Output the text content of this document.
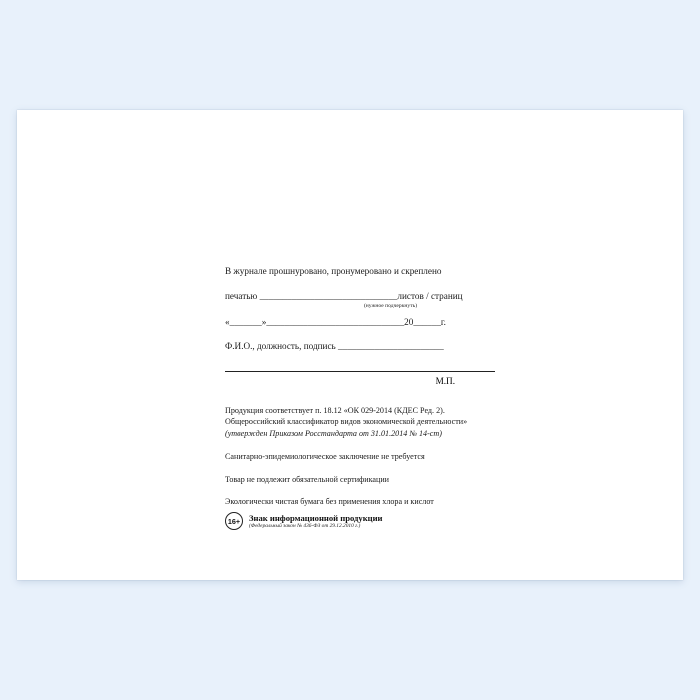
В журнале прошнуровано, пронумеровано и скреплено
печатью ______________________________листов / страниц
(нужное подчеркнуть)
«_______»______________________________20______г.
Ф.И.О., должность, подпись _______________________
М.П.
Продукция соответствует п. 18.12 «ОК 029-2014 (КДЕС Ред. 2).
Общероссийский классификатор видов экономической деятельности»
(утвержден Приказом Росстандарта от 31.01.2014 № 14-ст)
Санитарно-эпидемиологическое заключение не требуется
Товар не подлежит обязательной сертификации
Экологически чистая бумага без применения хлора и кислот
16+	Знак информационной продукции
(Федеральный закон № 436-ФЗ от 29.12.2010 г.)
